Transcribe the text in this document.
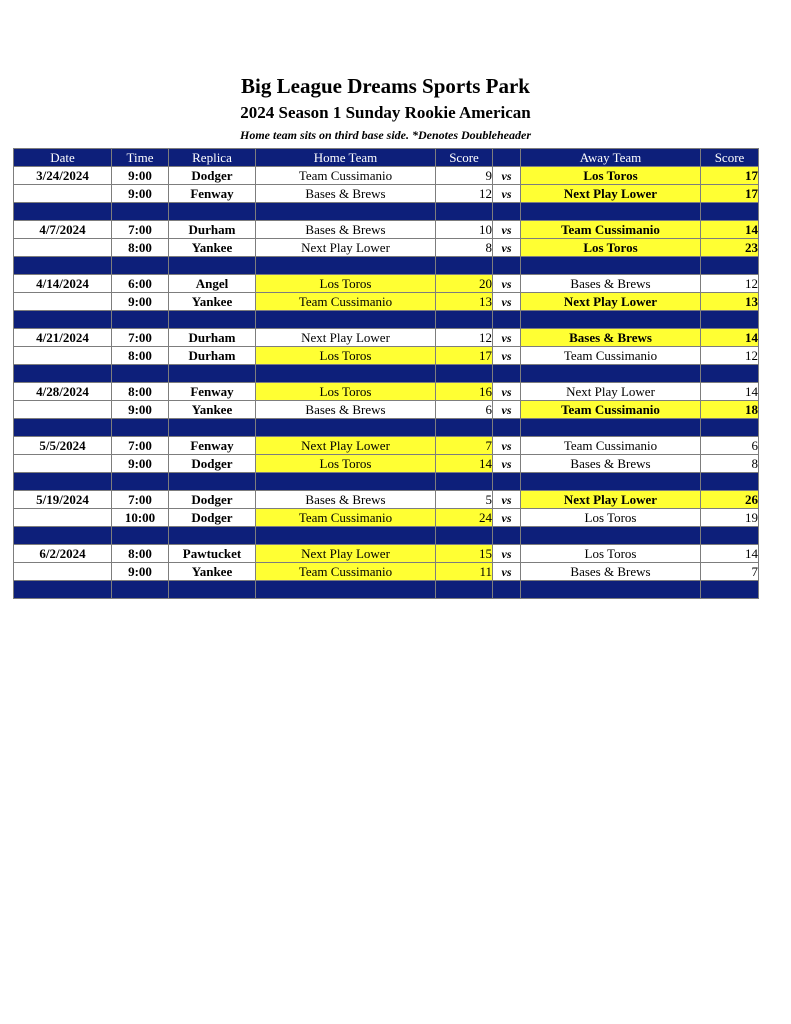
Big League Dreams Sports Park
2024 Season 1 Sunday Rookie American
Home team sits on third base side. *Denotes Doubleheader
Date	Time	Replica	Home Team	Score		Away Team	Score
3/24/2024	9:00	Dodger	Team Cussimanio	9	vs	Los Toros	17
	9:00	Fenway	Bases & Brews	12	vs	Next Play Lower	17

4/7/2024	7:00	Durham	Bases & Brews	10	vs	Team Cussimanio	14
	8:00	Yankee	Next Play Lower	8	vs	Los Toros	23

4/14/2024	6:00	Angel	Los Toros	20	vs	Bases & Brews	12
	9:00	Yankee	Team Cussimanio	13	vs	Next Play Lower	13

4/21/2024	7:00	Durham	Next Play Lower	12	vs	Bases & Brews	14
	8:00	Durham	Los Toros	17	vs	Team Cussimanio	12

4/28/2024	8:00	Fenway	Los Toros	16	vs	Next Play Lower	14
	9:00	Yankee	Bases & Brews	6	vs	Team Cussimanio	18

5/5/2024	7:00	Fenway	Next Play Lower	7	vs	Team Cussimanio	6
	9:00	Dodger	Los Toros	14	vs	Bases & Brews	8

5/19/2024	7:00	Dodger	Bases & Brews	5	vs	Next Play Lower	26
	10:00	Dodger	Team Cussimanio	24	vs	Los Toros	19

6/2/2024	8:00	Pawtucket	Next Play Lower	15	vs	Los Toros	14
	9:00	Yankee	Team Cussimanio	11	vs	Bases & Brews	7
